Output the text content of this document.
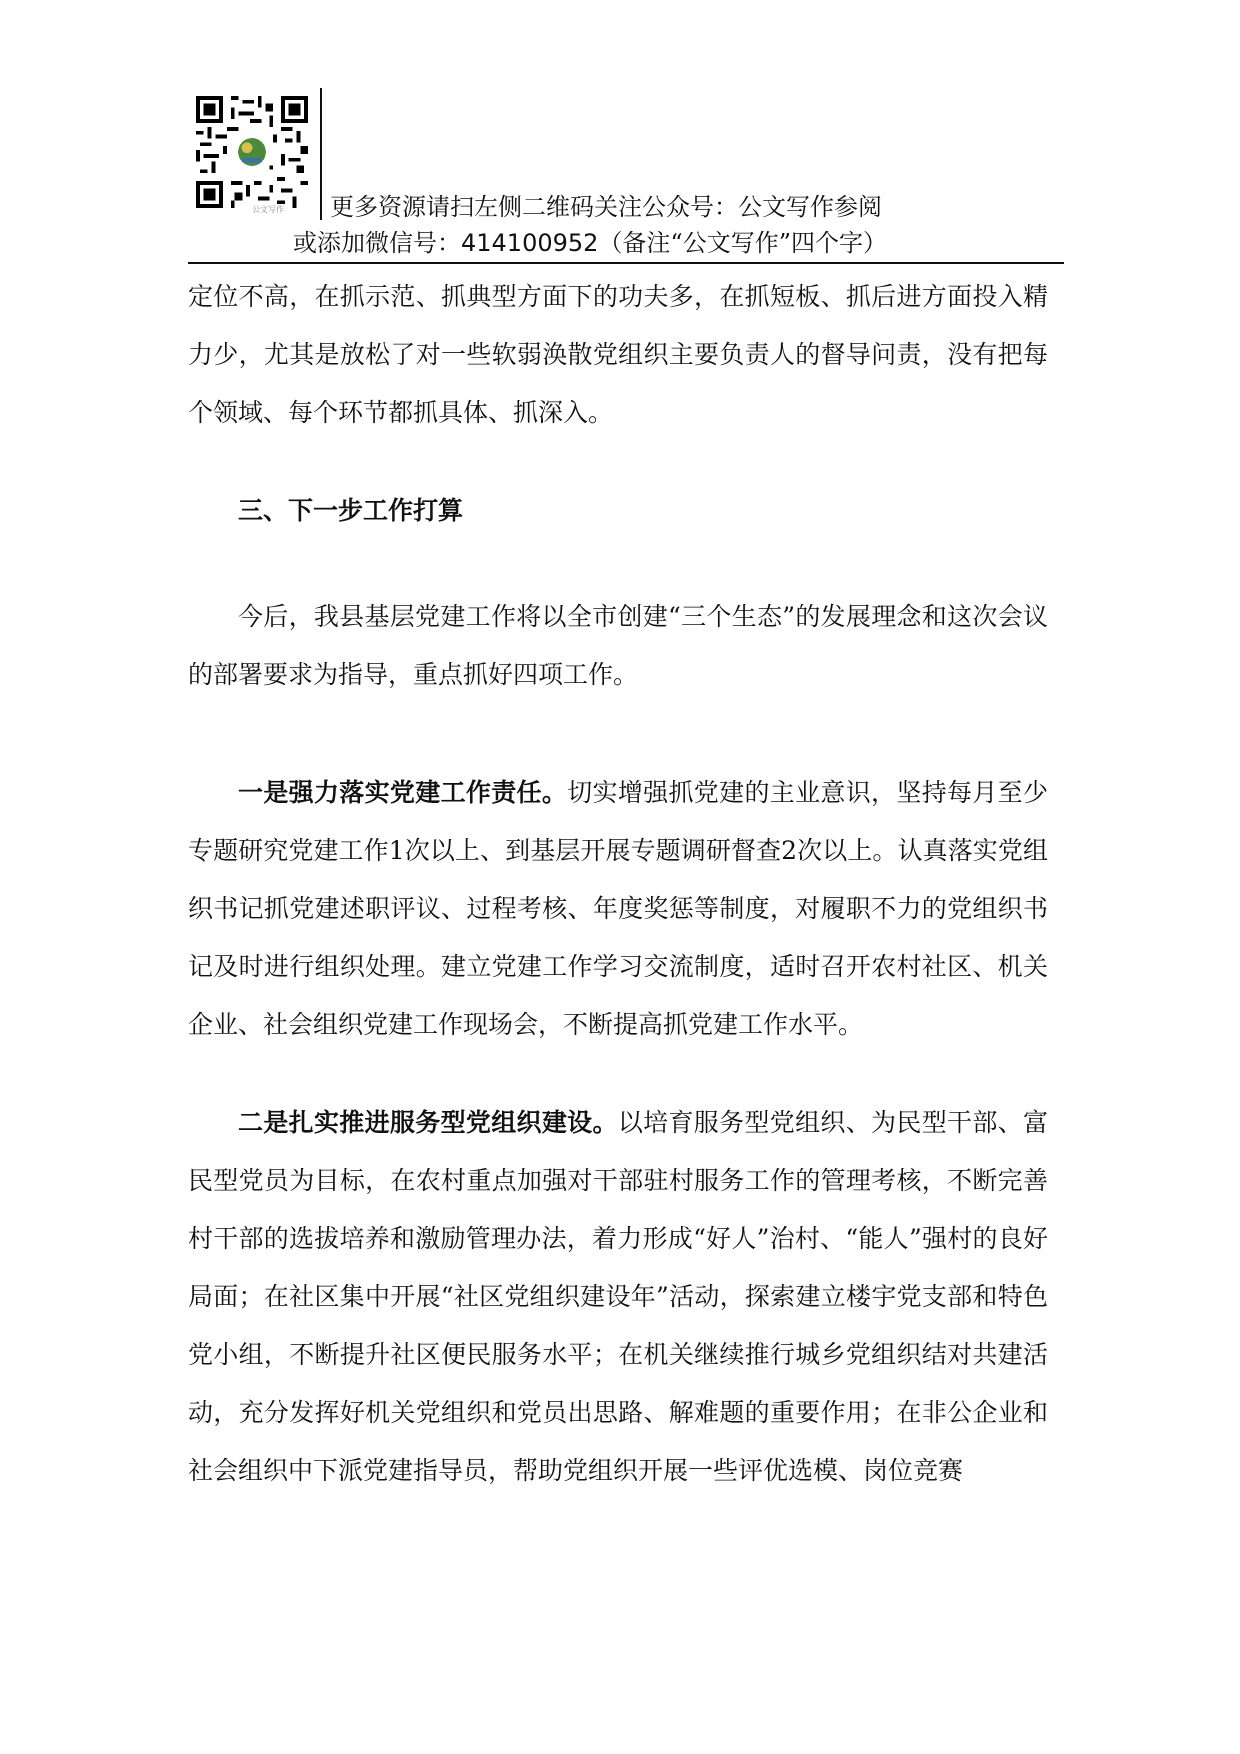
公文写作 更多资源请扫左侧二维码关注公众号：公文写作参阅
或添加微信号：414100952（备注“公文写作”四个字）

定位不高，在抓示范、抓典型方面下的功夫多，在抓短板、抓后进方面投入精力少，尤其是放松了对一些软弱涣散党组织主要负责人的督导问责，没有把每个领域、每个环节都抓具体、抓深入。

三、下一步工作打算

今后，我县基层党建工作将以全市创建“三个生态”的发展理念和这次会议的部署要求为指导，重点抓好四项工作。

一是强力落实党建工作责任。切实增强抓党建的主业意识，坚持每月至少专题研究党建工作1次以上、到基层开展专题调研督查2次以上。认真落实党组织书记抓党建述职评议、过程考核、年度奖惩等制度，对履职不力的党组织书记及时进行组织处理。建立党建工作学习交流制度，适时召开农村社区、机关企业、社会组织党建工作现场会，不断提高抓党建工作水平。

二是扎实推进服务型党组织建设。以培育服务型党组织、为民型干部、富民型党员为目标，在农村重点加强对干部驻村服务工作的管理考核，不断完善村干部的选拔培养和激励管理办法，着力形成“好人”治村、“能人”强村的良好局面；在社区集中开展“社区党组织建设年”活动，探索建立楼宇党支部和特色党小组，不断提升社区便民服务水平；在机关继续推行城乡党组织结对共建活动，充分发挥好机关党组织和党员出思路、解难题的重要作用；在非公企业和社会组织中下派党建指导员，帮助党组织开展一些评优选模、岗位竞赛
